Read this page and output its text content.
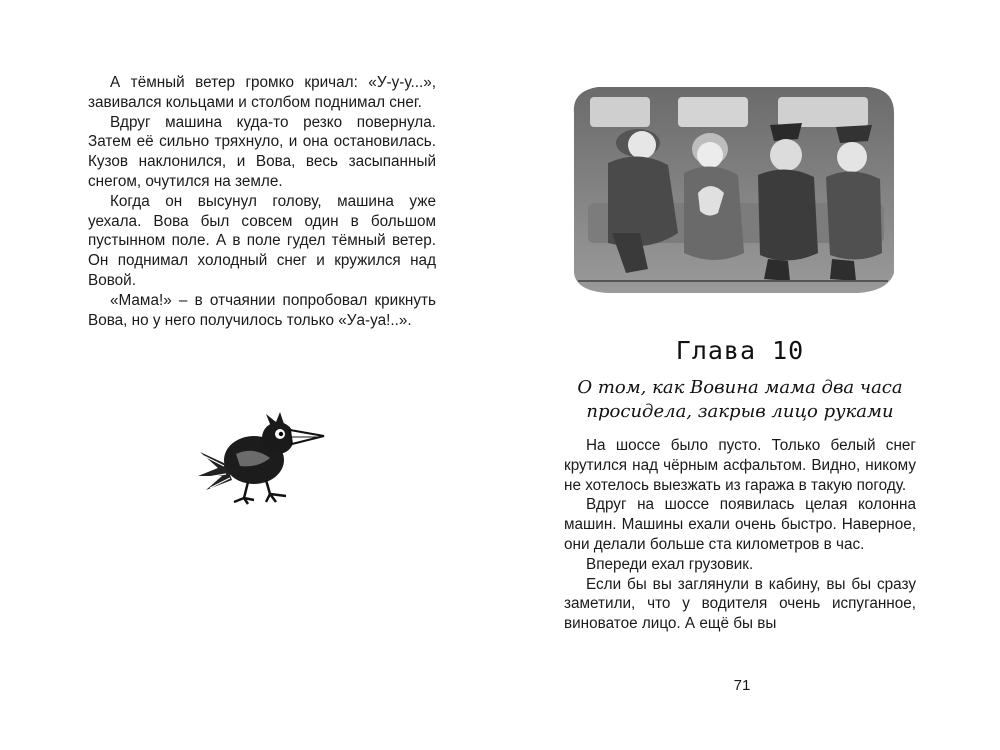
А тёмный ветер громко кричал: «У-у-у...», завивался кольцами и столбом поднимал снег.

Вдруг машина куда-то резко повернула. Затем её сильно тряхнуло, и она остановилась. Кузов наклонился, и Вова, весь засыпанный снегом, очутился на земле.

Когда он высунул голову, машина уже уехала. Вова был совсем один в большом пустынном поле. А в поле гудел тёмный ветер. Он поднимал холодный снег и кружился над Вовой.

«Мама!» – в отчаянии попробовал крикнуть Вова, но у него получилось только «Уа-уа!..».

Глава 10
О том, как Вовина мама два часа
просидела, закрыв лицо руками

На шоссе было пусто. Только белый снег крутился над чёрным асфальтом. Видно, никому не хотелось выезжать из гаража в такую погоду.

Вдруг на шоссе появилась целая колонна машин. Машины ехали очень быстро. Наверное, они делали больше ста километров в час.

Впереди ехал грузовик.

Если бы вы заглянули в кабину, вы бы сразу заметили, что у водителя очень испуганное, виноватое лицо. А ещё бы вы

71
